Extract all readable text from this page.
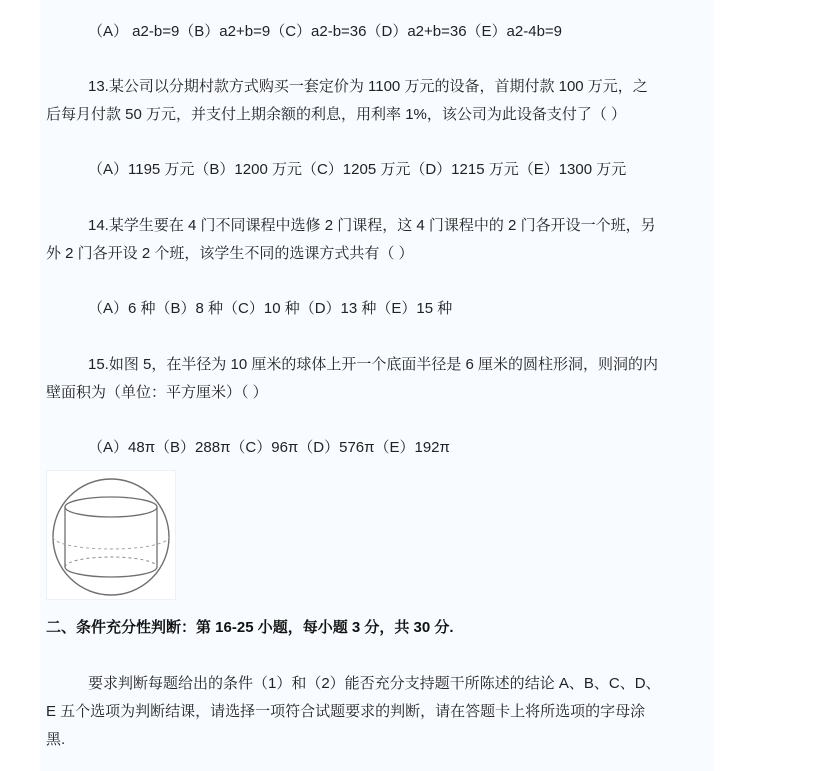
（A） a2-b=9（B）a2+b=9（C）a2-b=36（D）a2+b=36（E）a2-4b=9
13.某公司以分期村款方式购买一套定价为 1100 万元的设备，首期付款 100 万元，之
后每月付款 50 万元，并支付上期余额的利息，用利率 1%，该公司为此设备支付了（ ）
（A）1195 万元（B）1200 万元（C）1205 万元（D）1215 万元（E）1300 万元
14.某学生要在 4 门不同课程中选修 2 门课程，这 4 门课程中的 2 门各开设一个班，另
外 2 门各开设 2 个班，该学生不同的选课方式共有（ ）
（A）6 种（B）8 种（C）10 种（D）13 种（E）15 种
15.如图 5，在半径为 10 厘米的球体上开一个底面半径是 6 厘米的圆柱形洞，则洞的内
壁面积为（单位：平方厘米）（ ）
（A）48π（B）288π（C）96π（D）576π（E）192π
二、条件充分性判断：第 16-25 小题，每小题 3 分，共 30 分.
要求判断每题给出的条件（1）和（2）能否充分支持题干所陈述的结论 A、B、C、D、
E 五个选项为判断结课，请选择一项符合试题要求的判断，请在答题卡上将所选项的字母涂
黑.
